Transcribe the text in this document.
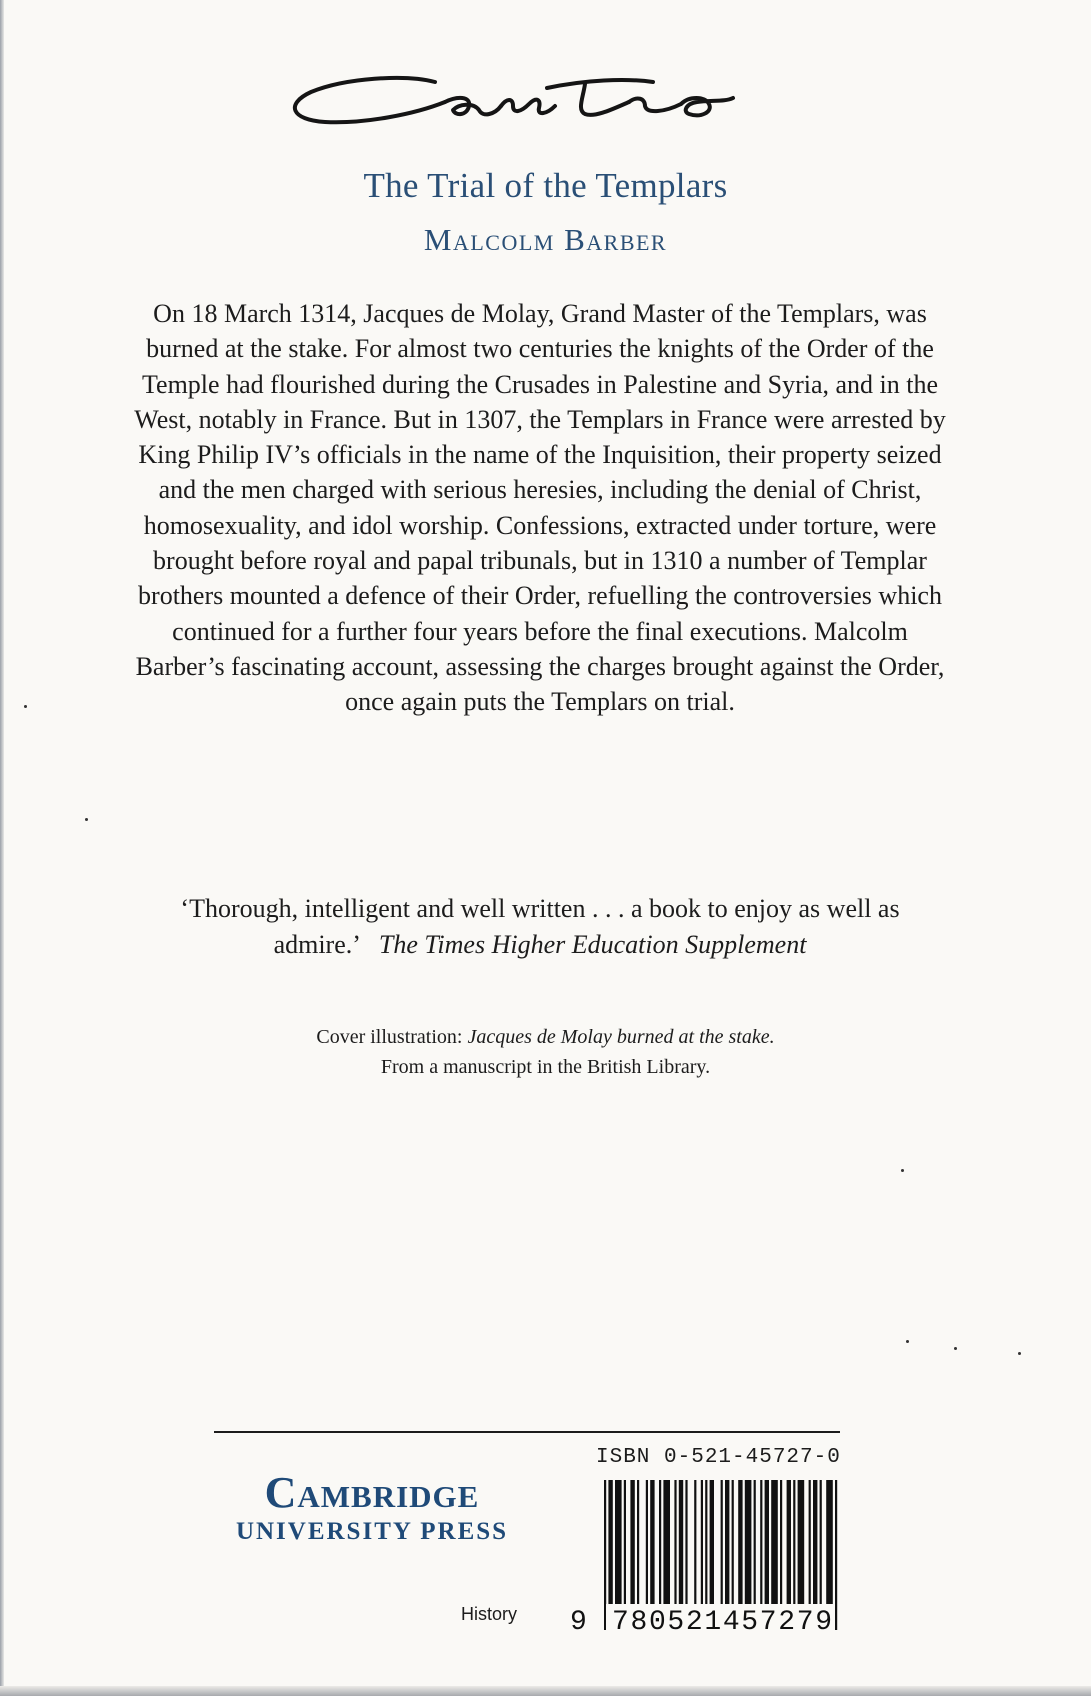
The Trial of the Templars
Malcolm Barber
On 18 March 1314, Jacques de Molay, Grand Master of the Templars, was burned at the stake. For almost two centuries the knights of the Order of the Temple had flourished during the Crusades in Palestine and Syria, and in the West, notably in France. But in 1307, the Templars in France were arrested by King Philip IV’s officials in the name of the Inquisition, their property seized and the men charged with serious heresies, including the denial of Christ, homosexuality, and idol worship. Confessions, extracted under torture, were brought before royal and papal tribunals, but in 1310 a number of Templar brothers mounted a defence of their Order, refuelling the controversies which continued for a further four years before the final executions. Malcolm Barber’s fascinating account, assessing the charges brought against the Order, once again puts the Templars on trial.
‘Thorough, intelligent and well written . . . a book to enjoy as well as admire.’ The Times Higher Education Supplement
Cover illustration: Jacques de Molay burned at the stake.
From a manuscript in the British Library.
Cambridge
UNIVERSITY PRESS
History
ISBN 0-521-45727-0
9 780521457279
